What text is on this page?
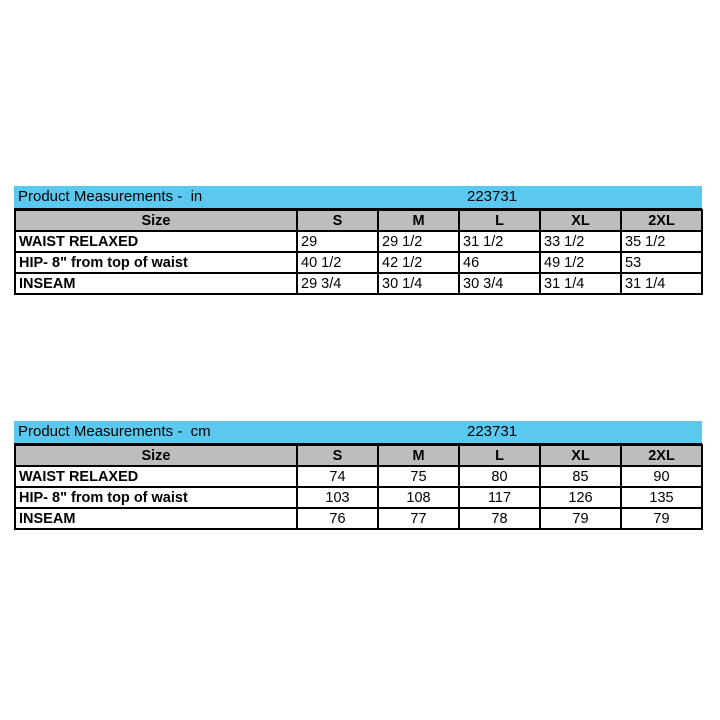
Product Measurements -  in	223731
Size	S	M	L	XL	2XL
WAIST RELAXED	29	29 1/2	31 1/2	33 1/2	35 1/2
HIP- 8" from top of waist	40 1/2	42 1/2	46	49 1/2	53
INSEAM	29 3/4	30 1/4	30 3/4	31 1/4	31 1/4
Product Measurements -  cm	223731
Size	S	M	L	XL	2XL
WAIST RELAXED	74	75	80	85	90
HIP- 8" from top of waist	103	108	117	126	135
INSEAM	76	77	78	79	79
